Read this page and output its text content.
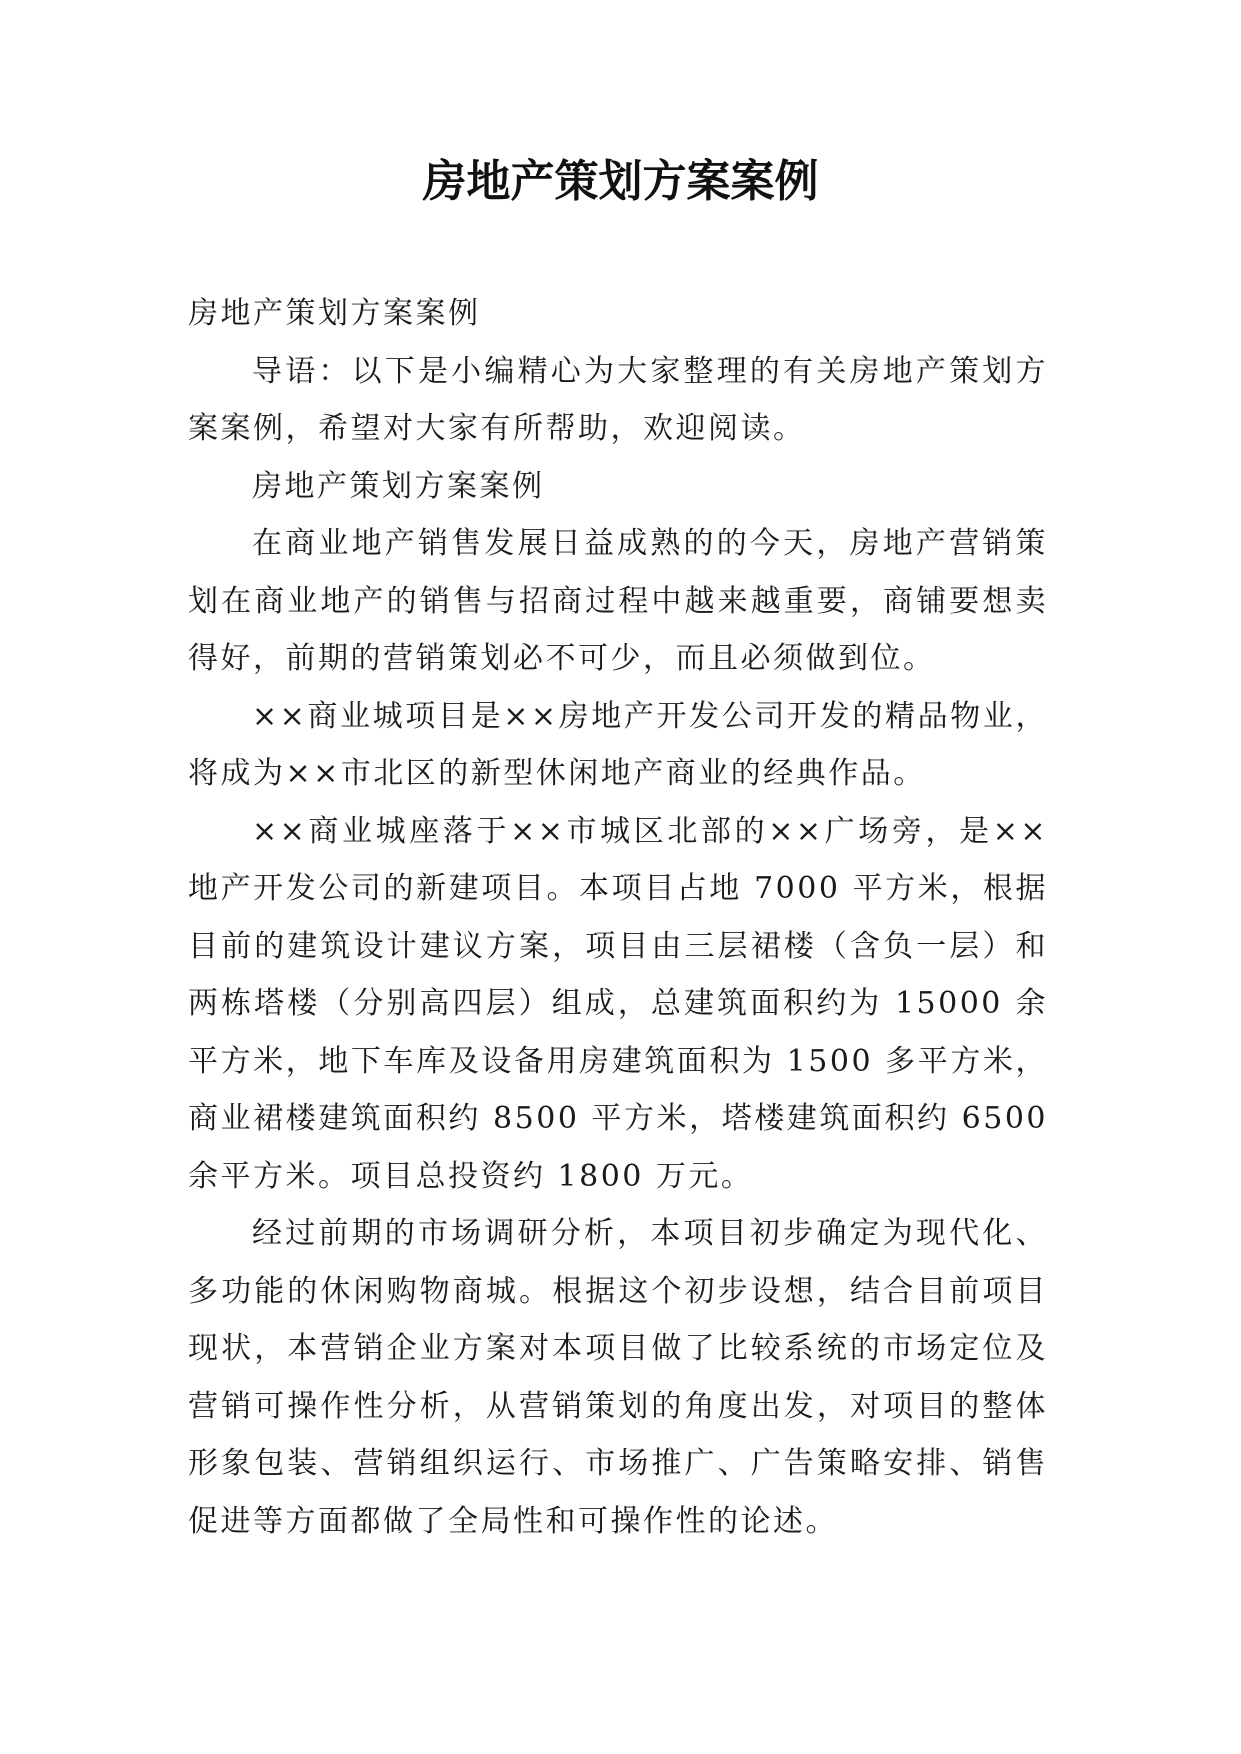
房地产策划方案案例

房地产策划方案案例

导语：以下是小编精心为大家整理的有关房地产策划方案案例，希望对大家有所帮助，欢迎阅读。

房地产策划方案案例

在商业地产销售发展日益成熟的的今天，房地产营销策划在商业地产的销售与招商过程中越来越重要，商铺要想卖得好，前期的营销策划必不可少，而且必须做到位。

××商业城项目是××房地产开发公司开发的精品物业，将成为××市北区的新型休闲地产商业的经典作品。

××商业城座落于××市城区北部的××广场旁，是××地产开发公司的新建项目。本项目占地 7000 平方米，根据目前的建筑设计建议方案，项目由三层裙楼（含负一层）和两栋塔楼（分别高四层）组成，总建筑面积约为 15000 余平方米，地下车库及设备用房建筑面积为 1500 多平方米，商业裙楼建筑面积约 8500 平方米，塔楼建筑面积约 6500 余平方米。项目总投资约 1800 万元。

经过前期的市场调研分析，本项目初步确定为现代化、多功能的休闲购物商城。根据这个初步设想，结合目前项目现状，本营销企业方案对本项目做了比较系统的市场定位及营销可操作性分析，从营销策划的角度出发，对项目的整体形象包装、营销组织运行、市场推广、广告策略安排、销售促进等方面都做了全局性和可操作性的论述。
